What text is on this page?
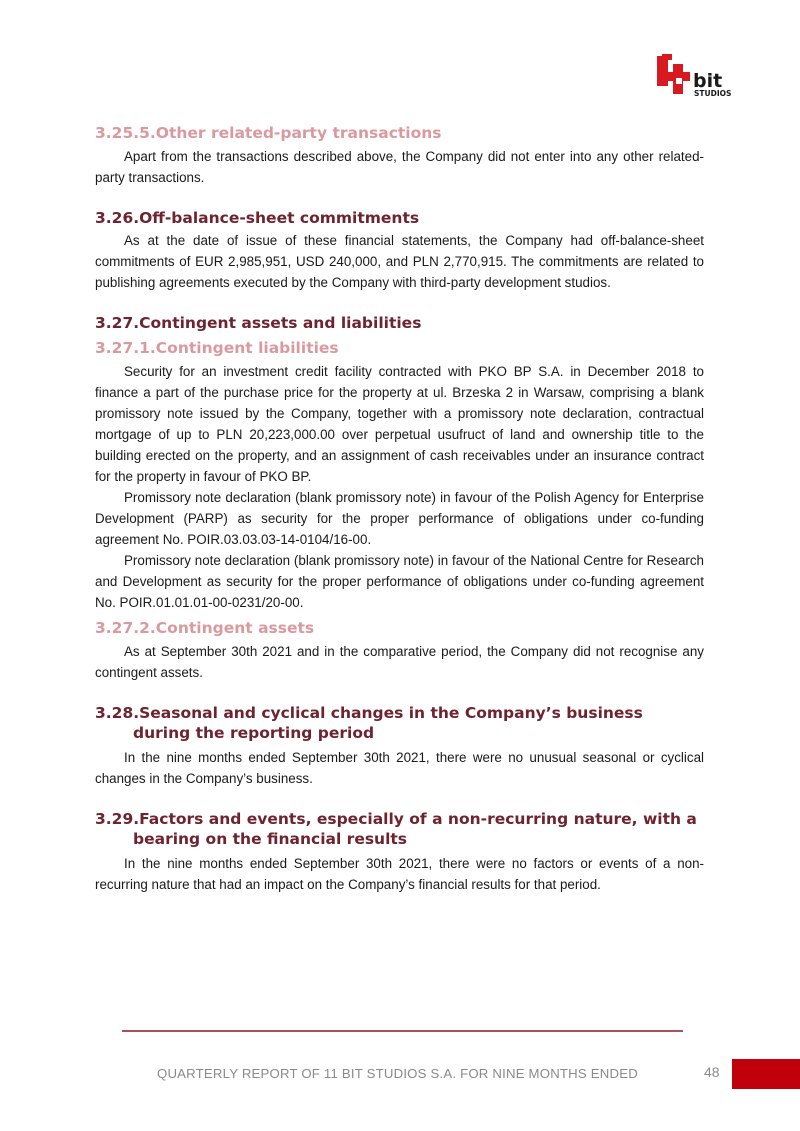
bit
STUDIOS
3.25.5.Other related-party transactions

Apart from the transactions described above, the Company did not enter into any other related-party transactions.

3.26.Off-balance-sheet commitments

As at the date of issue of these financial statements, the Company had off-balance-sheet commitments of EUR 2,985,951, USD 240,000, and PLN 2,770,915. The commitments are related to publishing agreements executed by the Company with third-party development studios.

3.27.Contingent assets and liabilities
3.27.1.Contingent liabilities

Security for an investment credit facility contracted with PKO BP S.A. in December 2018 to finance a part of the purchase price for the property at ul. Brzeska 2 in Warsaw, comprising a blank promissory note issued by the Company, together with a promissory note declaration, contractual mortgage of up to PLN 20,223,000.00 over perpetual usufruct of land and ownership title to the building erected on the property, and an assignment of cash receivables under an insurance contract for the property in favour of PKO BP.

Promissory note declaration (blank promissory note) in favour of the Polish Agency for Enterprise Development (PARP) as security for the proper performance of obligations under co-funding agreement No. POIR.03.03.03-14-0104/16-00.

Promissory note declaration (blank promissory note) in favour of the National Centre for Research and Development as security for the proper performance of obligations under co-funding agreement No. POIR.01.01.01-00-0231/20-00.

3.27.2.Contingent assets

As at September 30th 2021 and in the comparative period, the Company did not recognise any contingent assets.

3.28.Seasonal and cyclical changes in the Company’s business during the reporting period

In the nine months ended September 30th 2021, there were no unusual seasonal or cyclical changes in the Company’s business.

3.29.Factors and events, especially of a non-recurring nature, with a bearing on the financial results

In the nine months ended September 30th 2021, there were no factors or events of a non-recurring nature that had an impact on the Company’s financial results for that period.

QUARTERLY REPORT OF 11 BIT STUDIOS S.A. FOR NINE MONTHS ENDED	48
